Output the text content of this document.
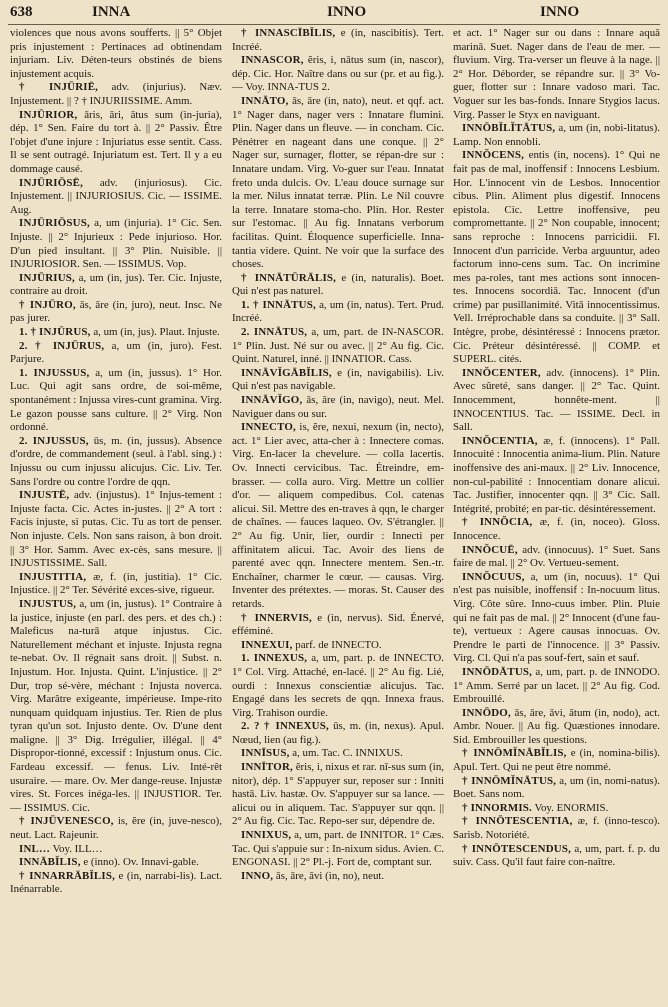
638	INNA	INNO	INNO

violences que nous avons soufferts. || 5° Objet pris injustement : Pertinaces ad obtinendam injuriam. Liv. Déten-teurs obstinés de biens injustement acquis.

† INJŪRIĒ, adv. (injurius). Næv. Injustement. || ? † INJURIISSIME. Amm.

INJŪRIOR, āris, āri, ātus sum (in-juria), dép. 1° Sen. Faire du tort à. || 2° Passiv. Être l'objet d'une injure : Injuriatus esse sentit. Cass. Il se sent outragé. Injuriatum est. Tert. Il y a eu dommage causé.

INJŪRIŌSĒ, adv. (injuriosus). Cic. Injustement. || INJURIOSIUS. Cic. — ISSIME. Aug.

INJŪRIŌSUS, a, um (injuria). 1° Cic. Sen. Injuste. || 2° Injurieux : Pede injurioso. Hor. D'un pied insultant. || 3° Plin. Nuisible. || INJURIOSIOR. Sen. — ISSIMUS. Vop.

INJŪRIUS, a, um (in, jus). Ter. Cic. Injuste, contraire au droit.

† INJŪRO, ās, āre (in, juro), neut. Insc. Ne pas jurer.

1. † INJŪRUS, a, um (in, jus). Plaut. Injuste.

2. † INJŪRUS, a, um (in, juro). Fest. Parjure.

1. INJUSSUS, a, um (in, jussus). 1° Hor. Luc. Qui agit sans ordre, de soi-même, spontanément : Injussa vires-cunt gramina. Virg. Le gazon pousse sans culture. || 2° Virg. Non ordonné.

2. INJUSSUS, ūs, m. (in, jussus). Absence d'ordre, de commandement (seul. à l'abl. sing.) : Injussu ou cum injussu alicujus. Cic. Liv. Ter. Sans l'ordre ou contre l'ordre de qqn.

INJUSTĒ, adv. (injustus). 1° Injus-tement : Injuste facta. Cic. Actes in-justes. || 2° A tort : Facis injuste, si putas. Cic. Tu as tort de penser. Non injuste. Cels. Non sans raison, à bon droit. || 3° Hor. Samm. Avec ex-cès, sans mesure. || INJUSTISSIME. Sall.

INJUSTITIA, æ, f. (in, justitia). 1° Cic. Injustice. || 2° Ter. Sévérité exces-sive, rigueur.

INJUSTUS, a, um (in, justus). 1° Contraire à la justice, injuste (en parl. des pers. et des ch.) : Maleficus na-turā atque injustus. Cic. Naturellement méchant et injuste. Injusta regna te-nebat. Ov. Il régnait sans droit. || Subst. n. Injustum. Hor. Injusta. Quint. L'injustice. || 2° Dur, trop sé-vère, méchant : Injusta noverca. Virg. Marâtre exigeante, impérieuse. Impe-rito nunquam quidquam injustius. Ter. Rien de plus tyran qu'un sot. Injusto dente. Ov. D'une dent maligne. || 3° Dig. Irrégulier, illégal. || 4° Dispropor-tionné, excessif : Injustum onus. Cic. Fardeau excessif. — fenus. Liv. Inté-rêt usuraire. — mare. Ov. Mer dange-reuse. Injustæ vires. St. Forces inéga-les. || INJUSTIOR. Ter. — ISSIMUS. Cic.

† INJŪVENESCO, is, ĕre (in, juve-nesco), neut. Lact. Rajeunir.

INL… Voy. ILL…

INNĀBĬLIS, e (inno). Ov. Innavi-gable.

† INNARRĀBĬLIS, e (in, narrabi-lis). Lact. Inénarrable.

† INNASCĪBĬLIS, e (in, nascibitis). Tert. Incréé.

INNASCOR, ĕris, i, nātus sum (in, nascor), dép. Cic. Hor. Naître dans ou sur (pr. et au fig.). — Voy. INNA-TUS 2.

INNĀTO, ās, āre (in, nato), neut. et qqf. act. 1° Nager dans, nager vers : Innatare flumini. Plin. Nager dans un fleuve. — in concham. Cic. Pénétrer en nageant dans une conque. || 2° Nager sur, surnager, flotter, se répan-dre sur : Innatare undam. Virg. Vo-guer sur l'eau. Innatat freto unda dulcis. Ov. L'eau douce surnage sur la mer. Nilus innatat terræ. Plin. Le Nil couvre la terre. Innatare stoma-cho. Plin. Hor. Rester sur l'estomac. || Au fig. Innatans verborum facilitas. Quint. Éloquence superficielle. Inna-tantia videre. Quint. Ne voir que la surface des choses.

† INNĀTŪRĀLIS, e (in, naturalis). Boet. Qui n'est pas naturel.

1. † INNĀTUS, a, um (in, natus). Tert. Prud. Incréé.

2. INNĀTUS, a, um, part. de IN-NASCOR. 1° Plin. Just. Né sur ou avec. || 2° Au fig. Cic. Quint. Naturel, inné. || INNATIOR. Cass.

INNĀVĬGĀBĬLIS, e (in, navigabilis). Liv. Qui n'est pas navigable.

INNĀVĬGO, ās, āre (in, navigo), neut. Mel. Naviguer dans ou sur.

INNECTO, is, ĕre, nexui, nexum (in, necto), act. 1° Lier avec, atta-cher à : Innectere comas. Virg. En-lacer la chevelure. — colla lacertis. Ov. Innecti cervicibus. Tac. Étreindre, em-brasser. — colla auro. Virg. Mettre un collier d'or. — aliquem compedibus. Col. catenas alicui. Sil. Mettre des en-traves à qqn, le charger de chaînes. — fauces laqueo. Ov. S'étrangler. || 2° Au fig. Unir, lier, ourdir : Innecti per affinitatem alicui. Tac. Avoir des liens de parenté avec qqn. Innectere mentem. Sen.-tr. Enchaîner, charmer le cœur. — causas. Virg. Inventer des prétextes. — moras. St. Causer des retards.

† INNERVIS, e (in, nervus). Sid. Énervé, efféminé.

INNEXUI, parf. de INNECTO.

1. INNEXUS, a, um, part. p. de INNECTO. 1° Col. Virg. Attaché, en-lacé. || 2° Au fig. Lié, ourdi : Innexus conscientiæ alicujus. Tac. Engagé dans les secrets de qqn. Innexa fraus. Virg. Trahison ourdie.

2. ? † INNEXUS, ūs, m. (in, nexus). Apul. Nœud, lien (au fig.).

INNĪSUS, a, um. Tac. C. INNIXUS.

INNĪTOR, ĕris, i, nixus et rar. nī-sus sum (in, nitor), dép. 1° S'appuyer sur, reposer sur : Inniti hastā. Liv. hastæ. Ov. S'appuyer sur sa lance. — alicui ou in aliquem. Tac. S'appuyer sur qqn. || 2° Au fig. Cic. Tac. Repo-ser sur, dépendre de.

INNIXUS, a, um, part. de INNITOR. 1° Cæs. Tac. Qui s'appuie sur : In-nixum sidus. Avien. C. ENGONASI. || 2° Pl.-j. Fort de, comptant sur.

INNO, ās, āre, āvi (in, no), neut.

et act. 1° Nager sur ou dans : Innare aquā marinā. Suet. Nager dans de l'eau de mer. — fluvium. Virg. Tra-verser un fleuve à la nage. || 2° Hor. Déborder, se répandre sur. || 3° Vo-guer, flotter sur : Innare vadoso mari. Tac. Voguer sur les bas-fonds. Innare Stygios lacus. Virg. Passer le Styx en naviguant.

INNŌBĬLĬTĀTUS, a, um (in, nobi-litatus). Lamp. Non ennobli.

INNŎCENS, entis (in, nocens). 1° Qui ne fait pas de mal, inoffensif : Innocens Lesbium. Hor. L'innocent vin de Lesbos. Innocentior cibus. Plin. Aliment plus digestif. Innocens epistola. Cic. Lettre inoffensive, peu compromettante. || 2° Non coupable, innocent; sans reproche : Innocens parricidii. Fl. Innocent d'un parricide. Verba arguuntur, adeo factorum inno-cens sum. Tac. On incrimine mes pa-roles, tant mes actions sont innocen-tes. Innocens socordiā. Tac. Innocent (d'un crime) par pusillanimité. Vitā innocentissimus. Vell. Irréprochable dans sa conduite. || 3° Sall. Intègre, probe, désintéressé : Innocens prætor. Cic. Préteur désintéressé. || COMP. et SUPERL. cités.

INNŎCENTER, adv. (innocens). 1° Plin. Avec sûreté, sans danger. || 2° Tac. Quint. Innocemment, honnête-ment. || INNOCENTIUS. Tac. — ISSIME. Decl. in Sall.

INNŎCENTIA, æ, f. (innocens). 1° Pall. Innocuité : Innocentia anima-lium. Plin. Nature inoffensive des ani-maux. || 2° Liv. Innocence, non-cul-pabilité : Innocentiam donare alicui. Tac. Justifier, innocenter qqn. || 3° Cic. Sall. Intégrité, probité; en par-tic. désintéressement.

† INNŎCIA, æ, f. (in, noceo). Gloss. Innocence.

INNŎCUĒ, adv. (innocuus). 1° Suet. Sans faire de mal. || 2° Ov. Vertueu-sement.

INNŎCUUS, a, um (in, nocuus). 1° Qui n'est pas nuisible, inoffensif : In-nocuum litus. Virg. Côte sûre. Inno-cuus imber. Plin. Pluie qui ne fait pas de mal. || 2° Innocent (d'une fau-te), vertueux : Agere causas innocuas. Ov. Prendre le parti de l'innocence. || 3° Passiv. Virg. Cl. Qui n'a pas souf-fert, sain et sauf.

INNŌDĀTUS, a, um, part. p. de INNODO. 1° Amm. Serré par un lacet. || 2° Au fig. Cod. Embrouillé.

INNŌDO, ās, āre, āvi, ātum (in, nodo), act. Ambr. Nouer. || Au fig. Quæstiones innodare. Sid. Embrouiller les questions.

† INNŌMĬNĀBĬLIS, e (in, nomina-bilis). Apul. Tert. Qui ne peut être nommé.

† INNŌMĬNĀTUS, a, um (in, nomi-natus). Boet. Sans nom.

† INNORMIS. Voy. ENORMIS.

† INNŌTESCENTIA, æ, f. (inno-tesco). Sarisb. Notoriété.

† INNŌTESCENDUS, a, um, part. f. p. du suiv. Cass. Qu'il faut faire con-naître.
